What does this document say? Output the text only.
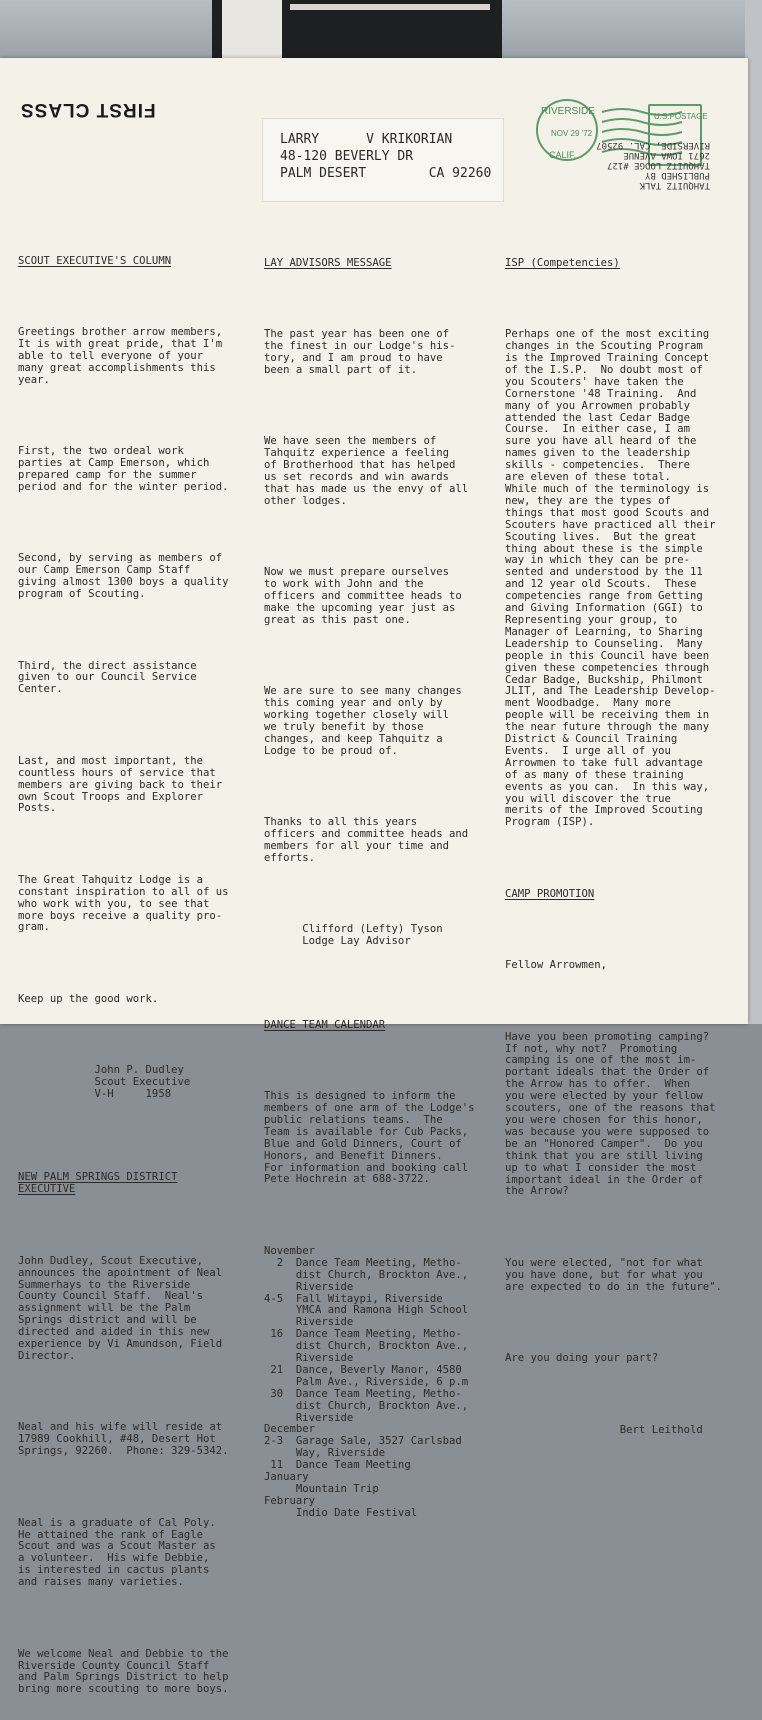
FIRST CLASS
LARRY      V KRIKORIAN
48-120 BEVERLY DR
PALM DESERT        CA 92260
RIVERSIDE
NOV 29 '72
CALIF.
U.S.POSTAGE
TAHQUITZ TALK
PUBLISHED BY
TAHQUITZ LODGE #127
2671 IOWA AVENUE
RIVERSIDE, CAL. 92507

SCOUT EXECUTIVE'S COLUMN

Greetings brother arrow members,
It is with great pride, that I'm
able to tell everyone of your
many great accomplishments this
year.

First, the two ordeal work
parties at Camp Emerson, which
prepared camp for the summer
period and for the winter period.

Second, by serving as members of
our Camp Emerson Camp Staff
giving almost 1300 boys a quality
program of Scouting.

Third, the direct assistance
given to our Council Service
Center.

Last, and most important, the
countless hours of service that
members are giving back to their
own Scout Troops and Explorer
Posts.

The Great Tahquitz Lodge is a
constant inspiration to all of us
who work with you, to see that
more boys receive a quality pro-
gram.

Keep up the good work.

John P. Dudley
Scout Executive
V-H     1958

NEW PALM SPRINGS DISTRICT
EXECUTIVE

John Dudley, Scout Executive,
announces the apointment of Neal
Summerhays to the Riverside
County Council Staff.  Neal's
assignment will be the Palm
Springs district and will be
directed and aided in this new
experience by Vi Amundson, Field
Director.

Neal and his wife will reside at
17989 Cookhill, #48, Desert Hot
Springs, 92260.  Phone: 329-5342.

Neal is a graduate of Cal Poly.
He attained the rank of Eagle
Scout and was a Scout Master as
a volunteer.  His wife Debbie,
is interested in cactus plants
and raises many varieties.

We welcome Neal and Debbie to the
Riverside County Council Staff
and Palm Springs District to help
bring more scouting to more boys.

LAY ADVISORS MESSAGE

The past year has been one of
the finest in our Lodge's his-
tory, and I am proud to have
been a small part of it.

We have seen the members of
Tahquitz experience a feeling
of Brotherhood that has helped
us set records and win awards
that has made us the envy of all
other lodges.

Now we must prepare ourselves
to work with John and the
officers and committee heads to
make the upcoming year just as
great as this past one.

We are sure to see many changes
this coming year and only by
working together closely will
we truly benefit by those
changes, and keep Tahquitz a
Lodge to be proud of.

Thanks to all this years
officers and committee heads and
members for all your time and
efforts.

Clifford (Lefty) Tyson
Lodge Lay Advisor

DANCE TEAM CALENDAR

This is designed to inform the
members of one arm of the Lodge's
public relations teams.  The
Team is available for Cub Packs,
Blue and Gold Dinners, Court of
Honors, and Benefit Dinners.
For information and booking call
Pete Hochrein at 688-3722.

November
2  Dance Team Meeting, Metho-
dist Church, Brockton Ave.,
Riverside
4-5  Fall Witaypi, Riverside
YMCA and Ramona High School
Riverside
16  Dance Team Meeting, Metho-
dist Church, Brockton Ave.,
Riverside
21  Dance, Beverly Manor, 4580
Palm Ave., Riverside, 6 p.m
30  Dance Team Meeting, Metho-
dist Church, Brockton Ave.,
Riverside
December
2-3  Garage Sale, 3527 Carlsbad
Way, Riverside
11  Dance Team Meeting
January
Mountain Trip
February
Indio Date Festival

ISP (Competencies)

Perhaps one of the most exciting
changes in the Scouting Program
is the Improved Training Concept
of the I.S.P.  No doubt most of
you Scouters' have taken the
Cornerstone '48 Training.  And
many of you Arrowmen probably
attended the last Cedar Badge
Course.  In either case, I am
sure you have all heard of the
names given to the leadership
skills - competencies.  There
are eleven of these total.
While much of the terminology is
new, they are the types of
things that most good Scouts and
Scouters have practiced all their
Scouting lives.  But the great
thing about these is the simple
way in which they can be pre-
sented and understood by the 11
and 12 year old Scouts.  These
competencies range from Getting
and Giving Information (GGI) to
Representing your group, to
Manager of Learning, to Sharing
Leadership to Counseling.  Many
people in this Council have been
given these competencies through
Cedar Badge, Buckship, Philmont
JLIT, and The Leadership Develop-
ment Woodbadge.  Many more
people will be receiving them in
the near future through the many
District & Council Training
Events.  I urge all of you
Arrowmen to take full advantage
of as many of these training
events as you can.  In this way,
you will discover the true
merits of the Improved Scouting
Program (ISP).

CAMP PROMOTION

Fellow Arrowmen,

Have you been promoting camping?
If not, why not?  Promoting
camping is one of the most im-
portant ideals that the Order of
the Arrow has to offer.  When
you were elected by your fellow
scouters, one of the reasons that
you were chosen for this honor,
was because you were supposed to
be an "Honored Camper".  Do you
think that you are still living
up to what I consider the most
important ideal in the Order of
the Arrow?

You were elected, "not for what
you have done, but for what you
are expected to do in the future".

Are you doing your part?

Bert Leithold
